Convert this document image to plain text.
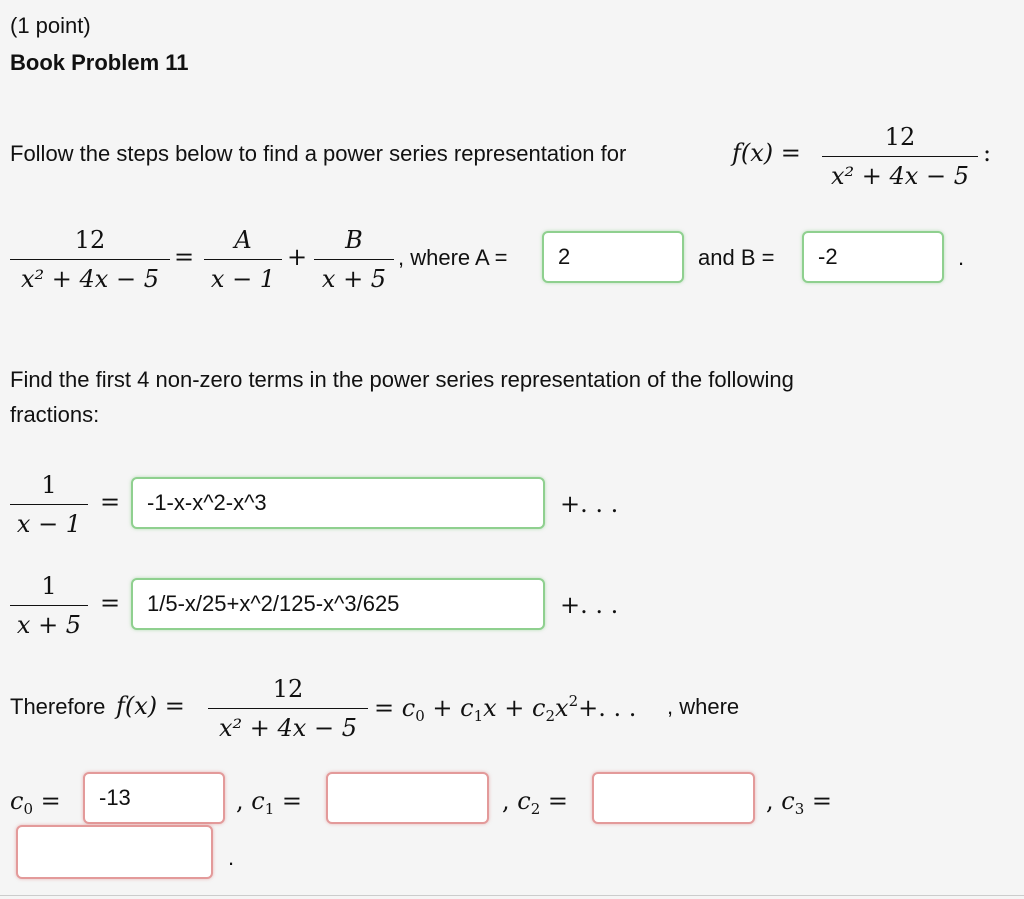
(1 point)
Book Problem 11
Follow the steps below to find a power series representation for	f(x) =
12
x² + 4x − 5
:
12
x² + 4x − 5
=
A
x − 1
+
B
x + 5
, where A =
2	and B =
-2	.
Find the first 4 non-zero terms in the power series representation of the following
fractions:
1
x − 1
=
-1-x-x^2-x^3	+. . .
1
x + 5
=
1/5-x/25+x^2/125-x^3/625	+. . .
Therefore f(x) =
12
x² + 4x − 5
= $c_0 + c_1x + c_2x^2+$. . . , where
$c_0$ =
-13	, $c_1$ =	, $c_2$ =	, $c_3$ =
.
